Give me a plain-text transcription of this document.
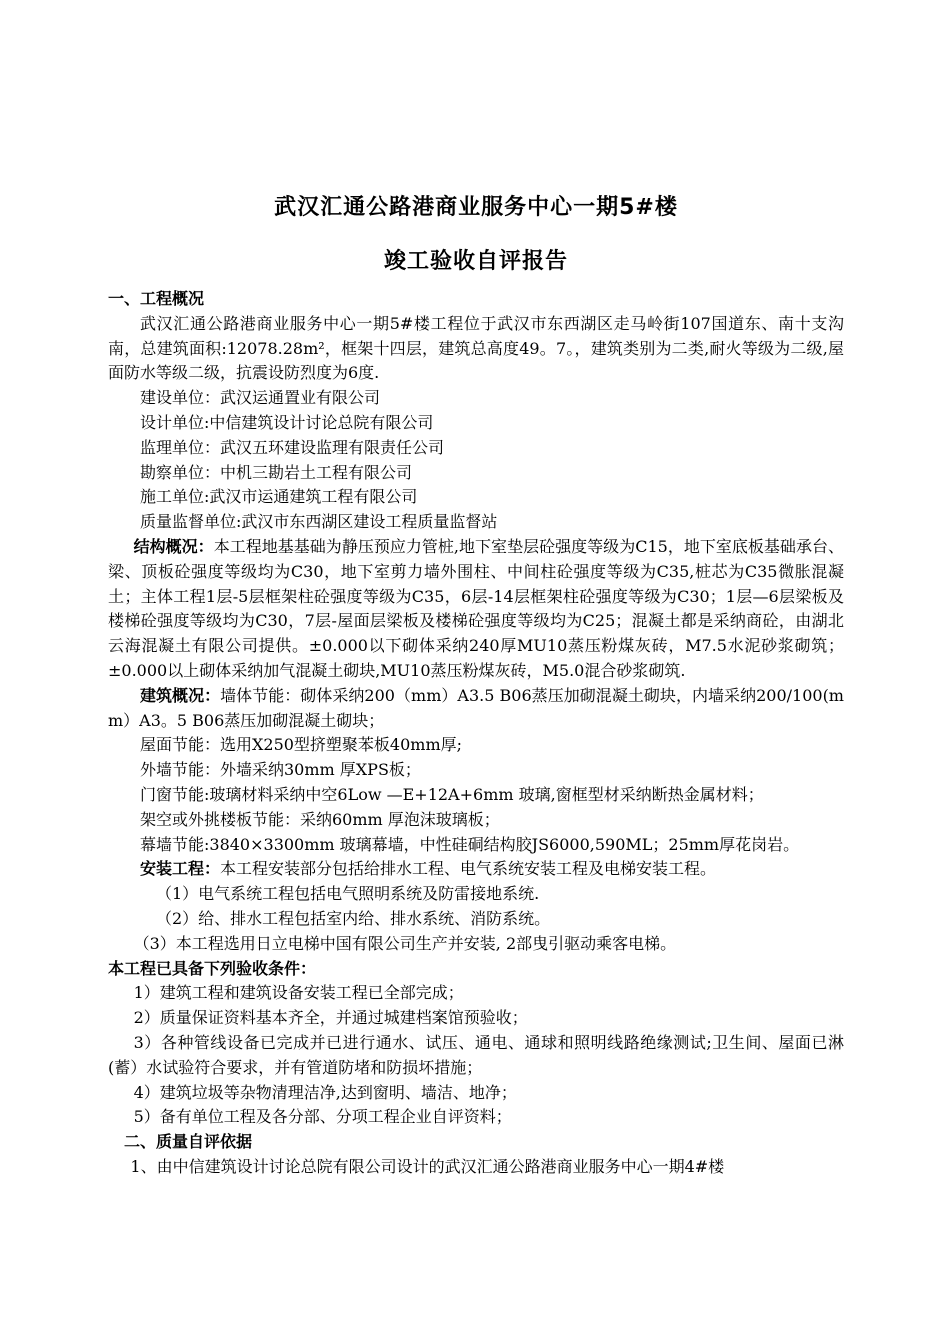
武汉汇通公路港商业服务中心一期5#楼
竣工验收自评报告

一、工程概况

武汉汇通公路港商业服务中心一期5#楼工程位于武汉市东西湖区走马岭街107国道东、南十支沟南，总建筑面积:12078.28m²，框架十四层，建筑总高度49。7。，建筑类别为二类,耐火等级为二级,屋面防水等级二级，抗震设防烈度为6度.

建设单位：武汉运通置业有限公司

设计单位:中信建筑设计讨论总院有限公司

监理单位：武汉五环建设监理有限责任公司

勘察单位：中机三勘岩土工程有限公司

施工单位:武汉市运通建筑工程有限公司

质量监督单位:武汉市东西湖区建设工程质量监督站

结构概况：本工程地基基础为静压预应力管桩,地下室垫层砼强度等级为C15，地下室底板基础承台、梁、顶板砼强度等级均为C30，地下室剪力墙外围柱、中间柱砼强度等级为C35,桩芯为C35微胀混凝土；主体工程1层-5层框架柱砼强度等级为C35，6层-14层框架柱砼强度等级为C30；1层—6层梁板及楼梯砼强度等级均为C30，7层-屋面层梁板及楼梯砼强度等级均为C25；混凝土都是采纳商砼，由湖北云海混凝土有限公司提供。±0.000以下砌体采纳240厚MU10蒸压粉煤灰砖，M7.5水泥砂浆砌筑；±0.000以上砌体采纳加气混凝土砌块,MU10蒸压粉煤灰砖，M5.0混合砂浆砌筑.

建筑概况：墙体节能：砌体采纳200（mm）A3.5 B06蒸压加砌混凝土砌块，内墙采纳200/100(mm）A3。5 B06蒸压加砌混凝土砌块；

屋面节能：选用X250型挤塑聚苯板40mm厚;

外墙节能：外墙采纳30mm 厚XPS板；

门窗节能:玻璃材料采纳中空6Low —E+12A+6mm 玻璃,窗框型材采纳断热金属材料；

架空或外挑楼板节能：采纳60mm 厚泡沫玻璃板；

幕墙节能:3840×3300mm 玻璃幕墙，中性硅硐结构胶JS6000,590ML；25mm厚花岗岩。

安装工程：本工程安装部分包括给排水工程、电气系统安装工程及电梯安装工程。

（1）电气系统工程包括电气照明系统及防雷接地系统.

（2）给、排水工程包括室内给、排水系统、消防系统。

（3）本工程选用日立电梯中国有限公司生产并安装, 2部曳引驱动乘客电梯。

本工程已具备下列验收条件：

1）建筑工程和建筑设备安装工程已全部完成；

2）质量保证资料基本齐全，并通过城建档案馆预验收；

3）各种管线设备已完成并已进行通水、试压、通电、通球和照明线路绝缘测试;卫生间、屋面已淋(蓄）水试验符合要求，并有管道防堵和防损坏措施；

4）建筑垃圾等杂物清理洁净,达到窗明、墙洁、地净；

5）备有单位工程及各分部、分项工程企业自评资料；

二、质量自评依据

1、由中信建筑设计讨论总院有限公司设计的武汉汇通公路港商业服务中心一期4#楼
